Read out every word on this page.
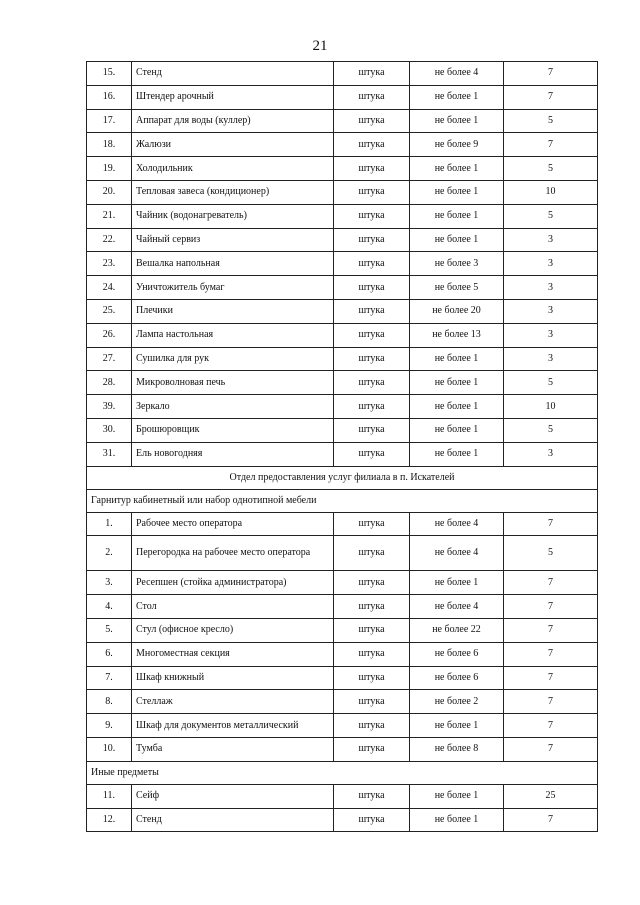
21
15.	Стенд	штука	не более 4	7
16.	Штендер арочный	штука	не более 1	7
17.	Аппарат для воды (куллер)	штука	не более 1	5
18.	Жалюзи	штука	не более 9	7
19.	Холодильник	штука	не более 1	5
20.	Тепловая завеса (кондиционер)	штука	не более 1	10
21.	Чайник (водонагреватель)	штука	не более 1	5
22.	Чайный сервиз	штука	не более 1	3
23.	Вешалка напольная	штука	не более 3	3
24.	Уничтожитель бумаг	штука	не более 5	3
25.	Плечики	штука	не более 20	3
26.	Лампа настольная	штука	не более 13	3
27.	Сушилка для рук	штука	не более 1	3
28.	Микроволновая печь	штука	не более 1	5
39.	Зеркало	штука	не более 1	10
30.	Брошюровщик	штука	не более 1	5
31.	Ель новогодняя	штука	не более 1	3
Отдел предоставления услуг филиала в п. Искателей				
Гарнитур кабинетный или набор однотипной мебели				
1.	Рабочее место оператора	штука	не более 4	7
2.	Перегородка на рабочее место оператора	штука	не более 4	5
3.	Ресепшен (стойка администратора)	штука	не более 1	7
4.	Стол	штука	не более 4	7
5.	Стул (офисное кресло)	штука	не более 22	7
6.	Многоместная секция	штука	не более 6	7
7.	Шкаф книжный	штука	не более 6	7
8.	Стеллаж	штука	не более 2	7
9.	Шкаф для документов металлический	штука	не более 1	7
10.	Тумба	штука	не более 8	7
Иные предметы				
11.	Сейф	штука	не более 1	25
12.	Стенд	штука	не более 1	7
